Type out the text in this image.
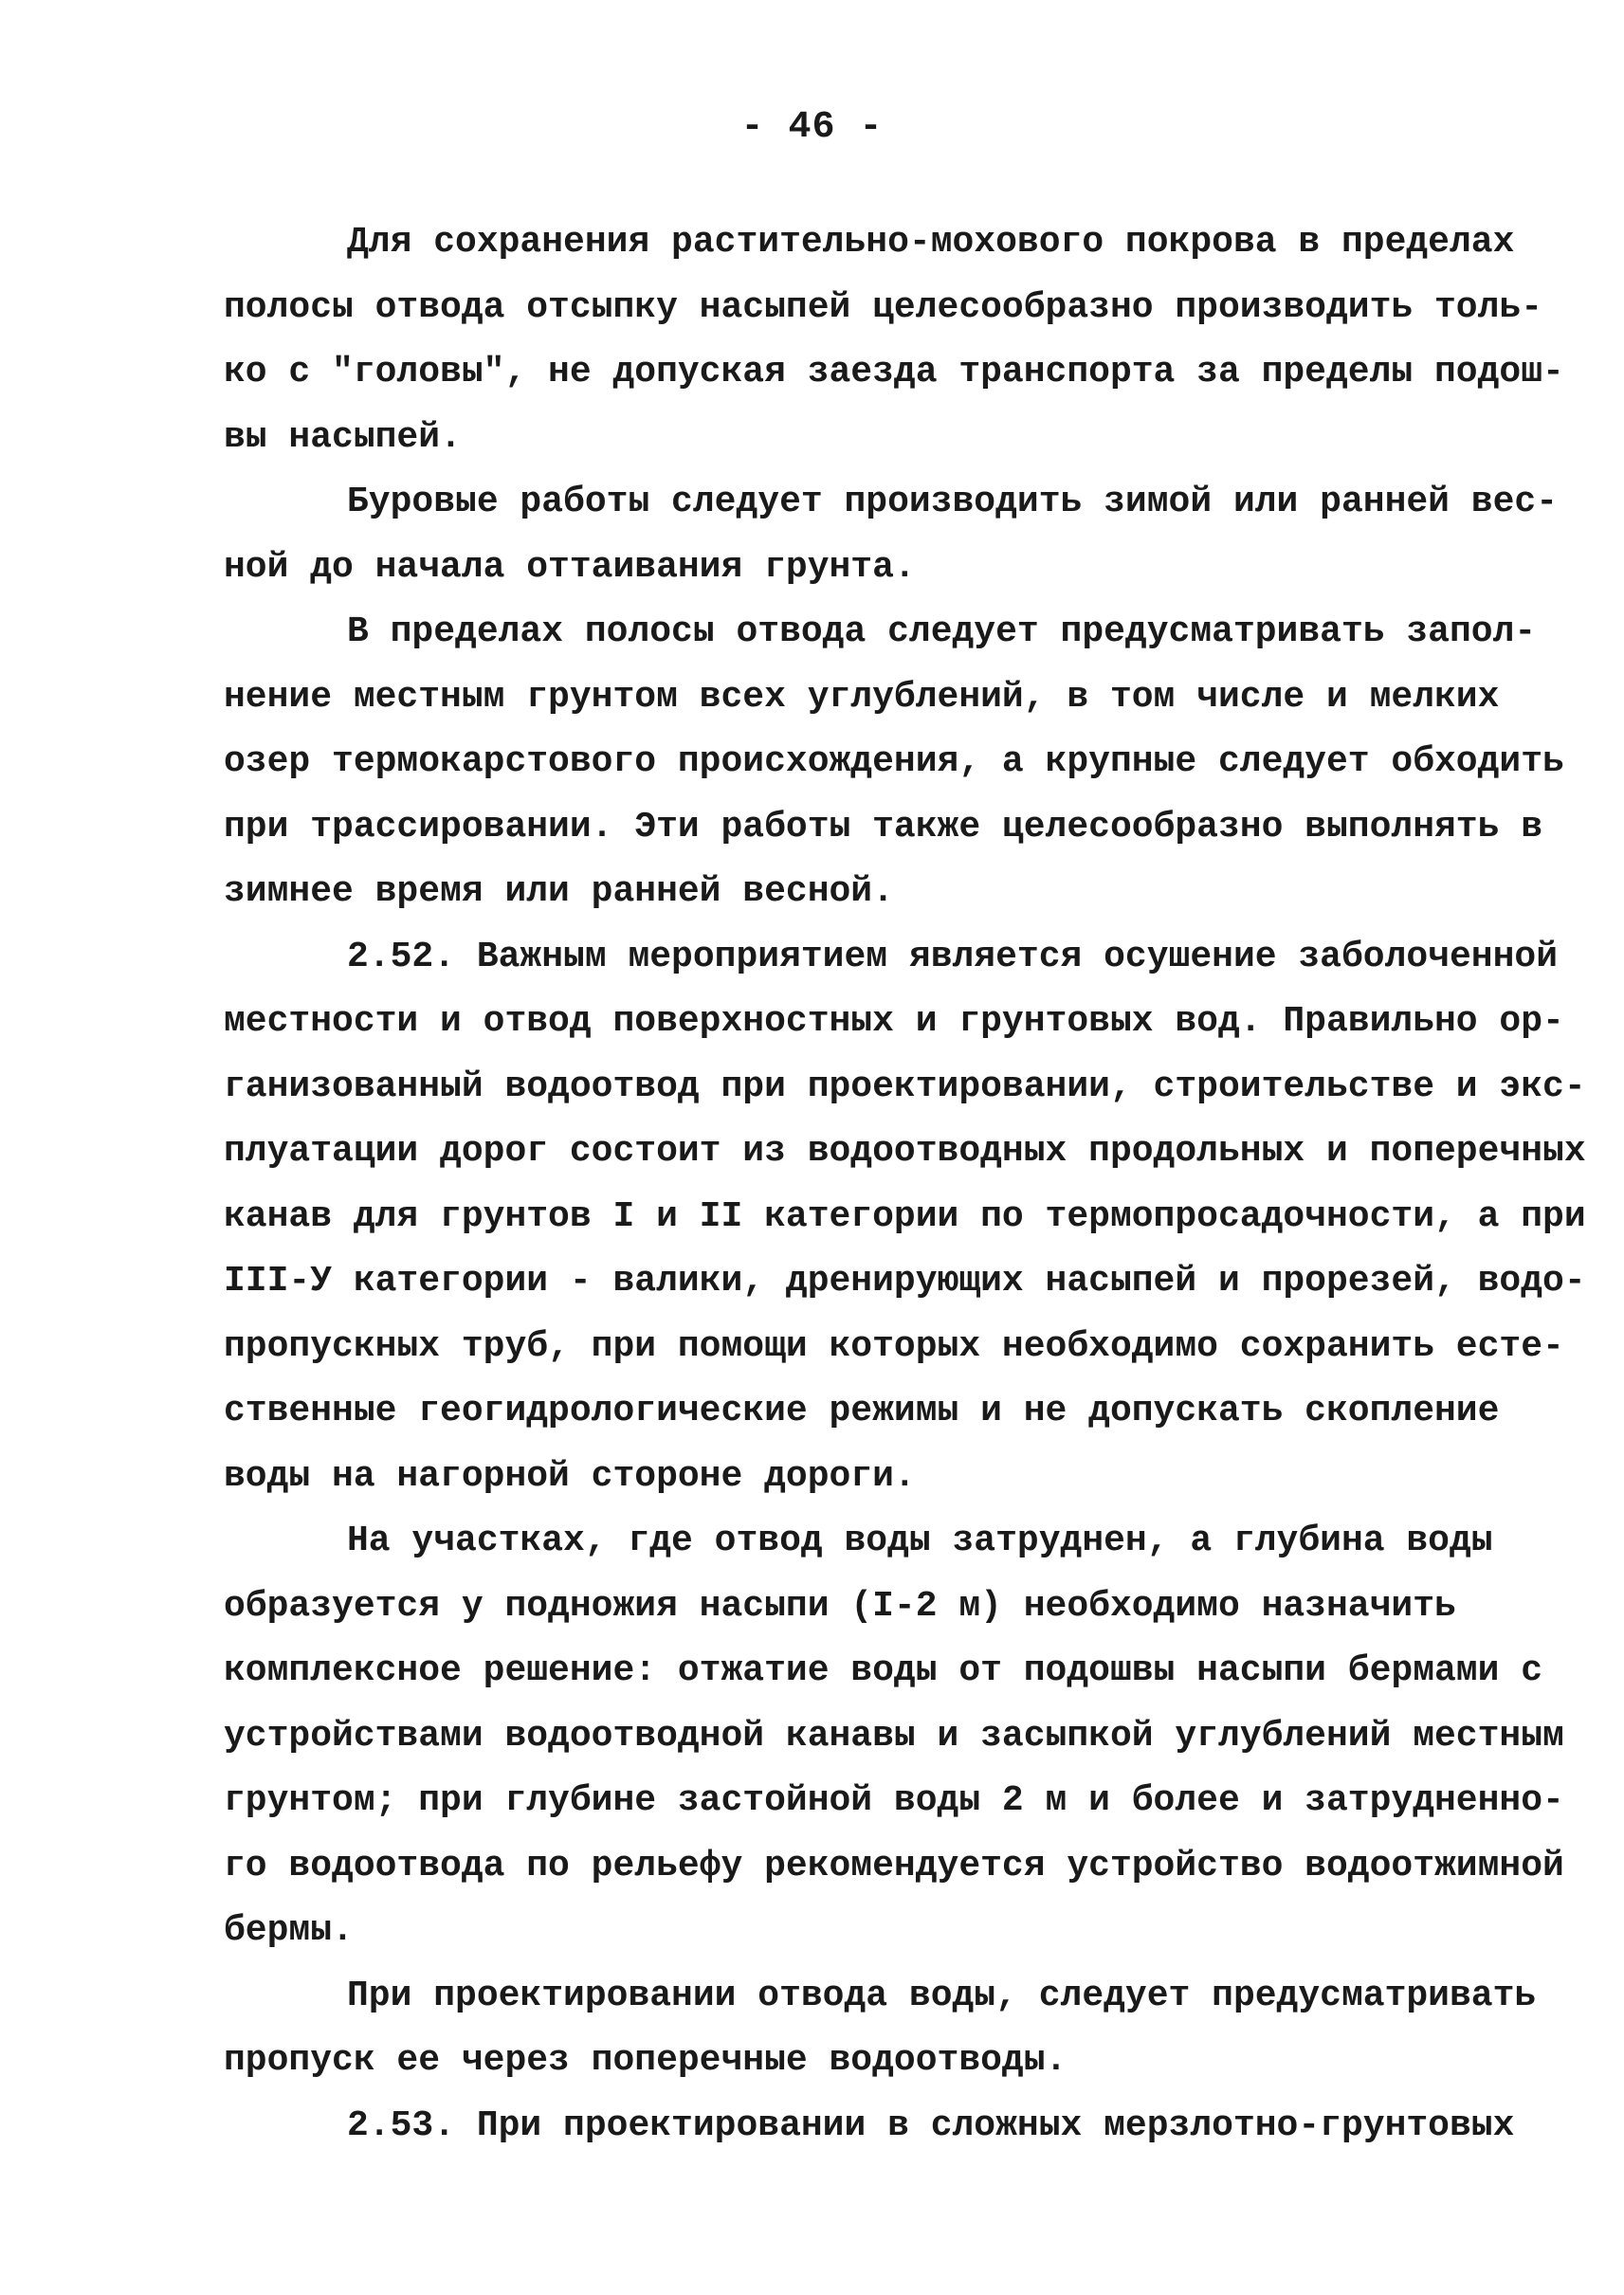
- 46 -
Для сохранения растительно-мохового покрова в пределах
полосы отвода отсыпку насыпей целесообразно производить толь-
ко с "головы", не допуская заезда транспорта за пределы подош-
вы насыпей.
Буровые работы следует производить зимой или ранней вес-
ной до начала оттаивания грунта.
В пределах полосы отвода следует предусматривать запол-
нение местным грунтом всех углублений, в том числе и мелких
озер термокарстового происхождения, а крупные следует обходить
при трассировании. Эти работы также целесообразно выполнять в
зимнее время или ранней весной.
2.52. Важным мероприятием является осушение заболоченной
местности и отвод поверхностных и грунтовых вод. Правильно ор-
ганизованный водоотвод при проектировании, строительстве и экс-
плуатации дорог состоит из водоотводных продольных и поперечных
канав для грунтов I и II категории по термопросадочности, а при
III-У категории - валики, дренирующих насыпей и прорезей, водо-
пропускных труб, при помощи которых необходимо сохранить есте-
ственные геогидрологические режимы и не допускать скопление
воды на нагорной стороне дороги.
На участках, где отвод воды затруднен, а глубина воды
образуется у подножия насыпи (I-2 м) необходимо назначить
комплексное решение: отжатие воды от подошвы насыпи бермами с
устройствами водоотводной канавы и засыпкой углублений местным
грунтом; при глубине застойной воды 2 м и более и затрудненно-
го водоотвода по рельефу рекомендуется устройство водоотжимной
бермы.
При проектировании отвода воды, следует предусматривать
пропуск ее через поперечные водоотводы.
2.53. При проектировании в сложных мерзлотно-грунтовых
